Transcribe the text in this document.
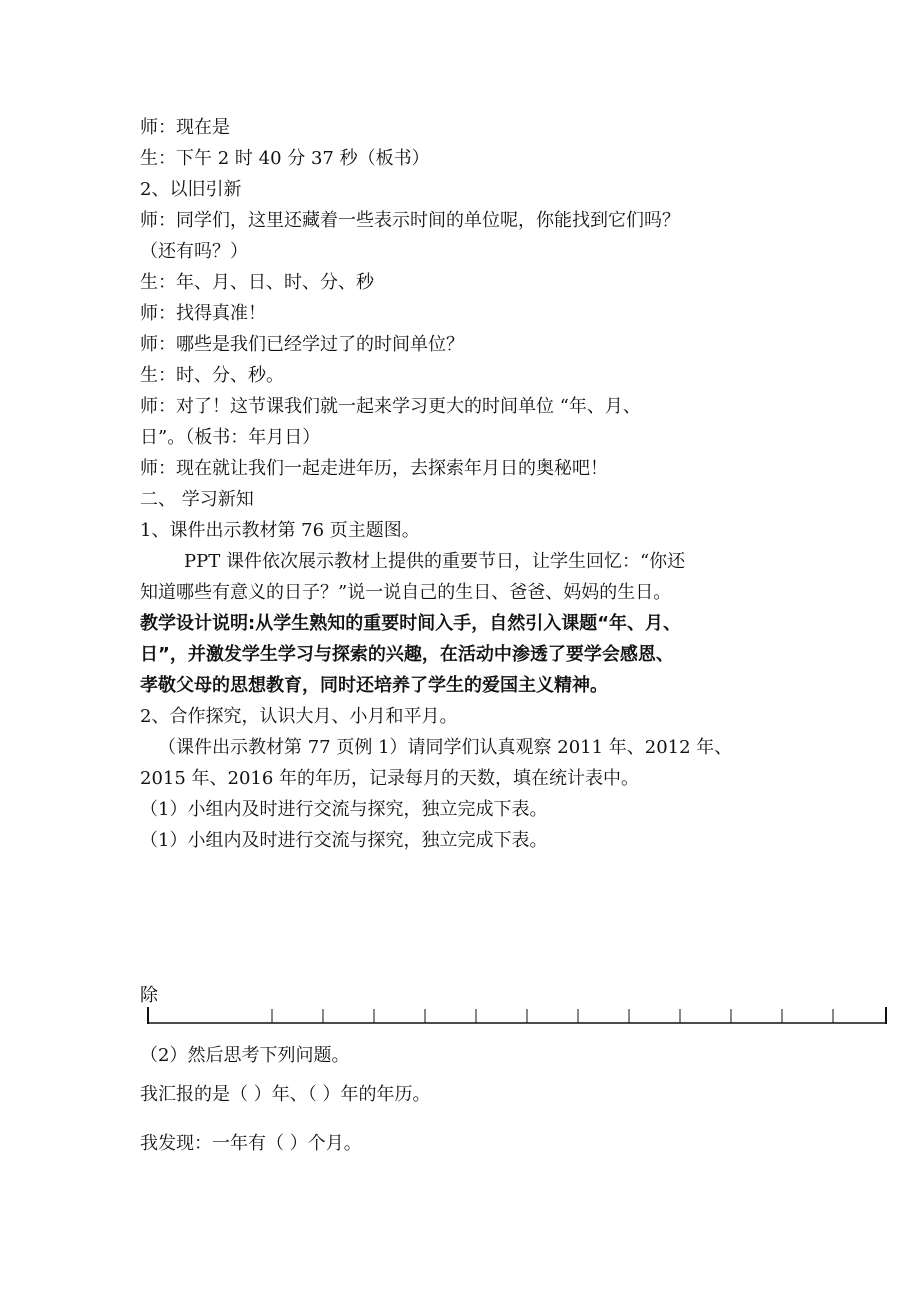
师：现在是
生：下午 2 时 40 分 37 秒（板书）
2、以旧引新
师：同学们，这里还藏着一些表示时间的单位呢，你能找到它们吗？
（还有吗？）
生：年、月、日、时、分、秒
师：找得真准！
师：哪些是我们已经学过了的时间单位？
生：时、分、秒。
师：对了！这节课我们就一起来学习更大的时间单位 “年、月、
日”。（板书：年月日）
师：现在就让我们一起走进年历，去探索年月日的奥秘吧！
二、 学习新知
1、课件出示教材第 76 页主题图。
PPT 课件依次展示教材上提供的重要节日，让学生回忆：“你还
知道哪些有意义的日子？”说一说自己的生日、爸爸、妈妈的生日。
教学设计说明:从学生熟知的重要时间入手，自然引入课题“年、月、
日”，并激发学生学习与探索的兴趣，在活动中渗透了要学会感恩、
孝敬父母的思想教育，同时还培养了学生的爱国主义精神。
2、合作探究，认识大月、小月和平月。
（课件出示教材第 77 页例 1）请同学们认真观察 2011 年、2012 年、
2015 年、2016 年的年历，记录每月的天数，填在统计表中。
（1）小组内及时进行交流与探究，独立完成下表。
（1）小组内及时进行交流与探究，独立完成下表。
除
（2）然后思考下列问题。
我汇报的是（ ）年、（ ）年的年历。
我发现：一年有（ ）个月。
